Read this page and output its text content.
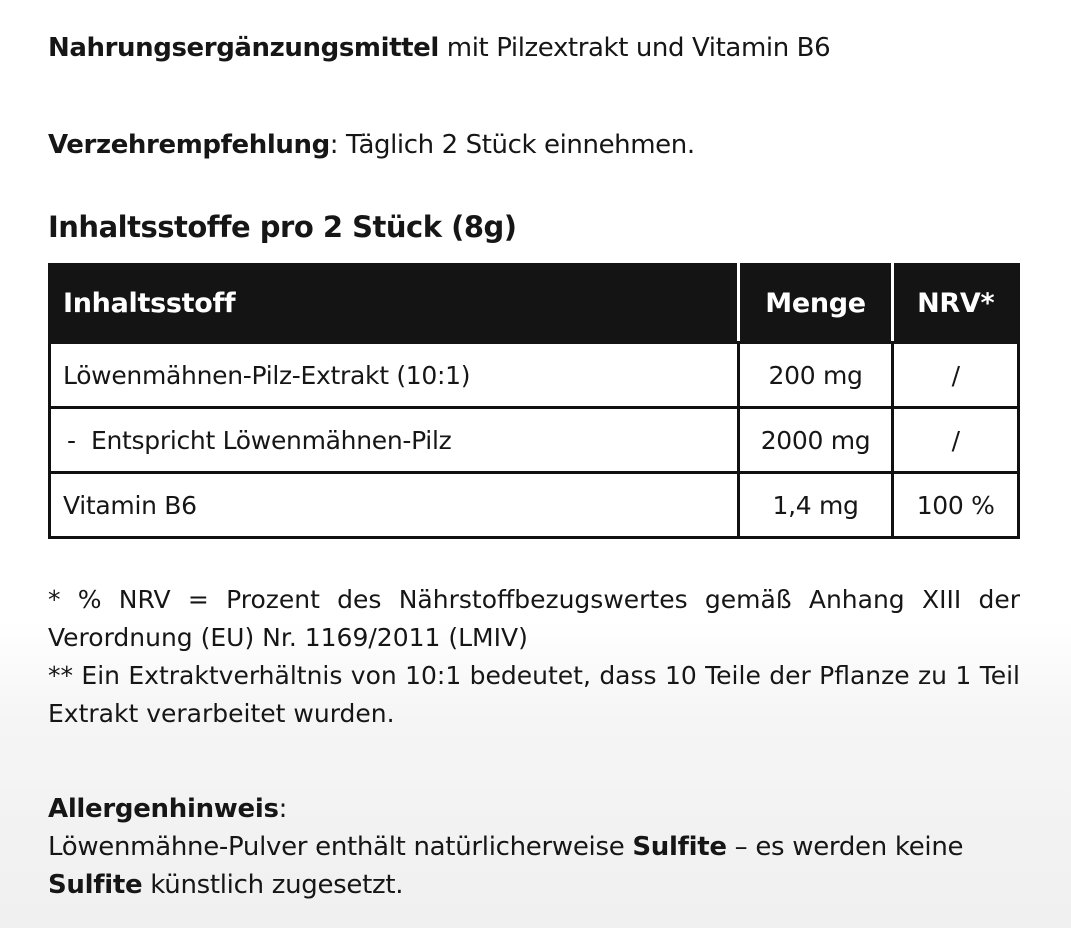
Nahrungsergänzungsmittel mit Pilzextrakt und Vitamin B6
Verzehrempfehlung: Täglich 2 Stück einnehmen.
Inhaltsstoffe pro 2 Stück (8g)
Inhaltsstoff	Menge	NRV*
Löwenmähnen-Pilz-Extrakt (10:1)	200 mg	/
-  Entspricht Löwenmähnen-Pilz	2000 mg	/
Vitamin B6	1,4 mg	100 %

* % NRV = Prozent des Nährstoffbezugswertes gemäß Anhang XIII der Verordnung (EU) Nr. 1169/2011 (LMIV)

** Ein Extraktverhältnis von 10:1 bedeutet, dass 10 Teile der Pflanze zu 1 Teil Extrakt verarbeitet wurden.

Allergenhinweis:

Löwenmähne-Pulver enthält natürlicherweise Sulfite – es werden keine Sulfite künstlich zugesetzt.
